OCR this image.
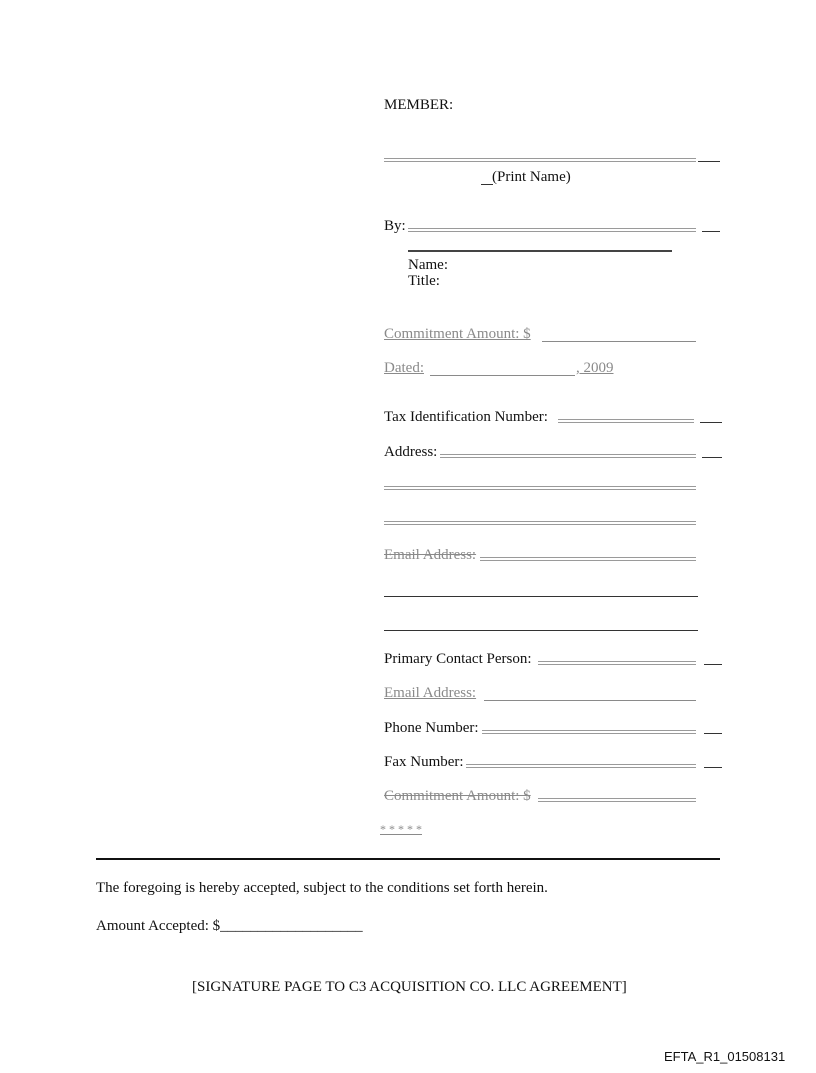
MEMBER:
(Print Name)
By:
Name:
Title:
Commitment Amount: $
Dated:	, 2009
Tax Identification Number:
Address:
Email Address:
Primary Contact Person:
Email Address:
Phone Number:
Fax Number:
Commitment Amount: $
* * * * *
The foregoing is hereby accepted, subject to the conditions set forth herein.
Amount Accepted: $___________________
[SIGNATURE PAGE TO C3 ACQUISITION CO. LLC AGREEMENT]
EFTA_R1_01508131
